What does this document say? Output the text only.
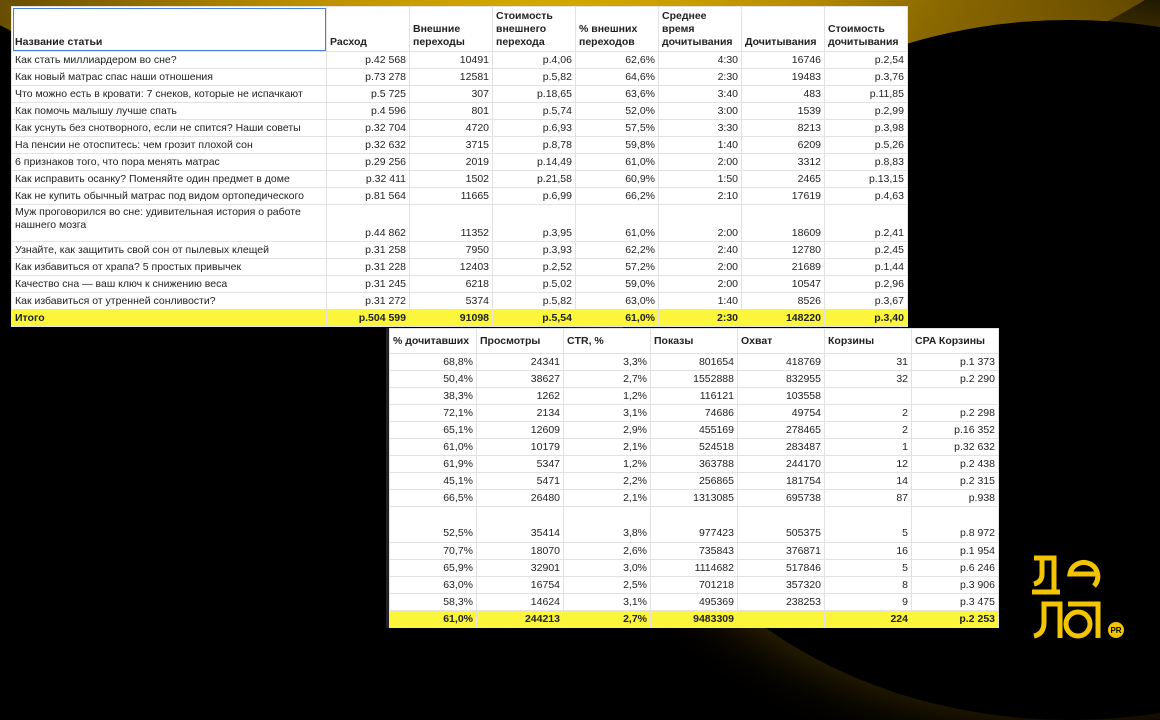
Название статьи	Расход	Внешние переходы	Стоимость внешнего перехода	% внешних переходов	Среднее время дочитывания	Дочитывания	Стоимость дочитывания
Как стать миллиардером во сне?	р.42 568	10491	р.4,06	62,6%	4:30	16746	р.2,54
Как новый матрас спас наши отношения	р.73 278	12581	р.5,82	64,6%	2:30	19483	р.3,76
Что можно есть в кровати: 7 снеков, которые не испачкают	р.5 725	307	р.18,65	63,6%	3:40	483	р.11,85
Как помочь малышу лучше спать	р.4 596	801	р.5,74	52,0%	3:00	1539	р.2,99
Как уснуть без снотворного, если не спится? Наши советы	р.32 704	4720	р.6,93	57,5%	3:30	8213	р.3,98
На пенсии не отоспитесь: чем грозит плохой сон	р.32 632	3715	р.8,78	59,8%	1:40	6209	р.5,26
6 признаков того, что пора менять матрас	р.29 256	2019	р.14,49	61,0%	2:00	3312	р.8,83
Как исправить осанку? Поменяйте один предмет в доме	р.32 411	1502	р.21,58	60,9%	1:50	2465	р.13,15
Как не купить обычный матрас под видом ортопедического	р.81 564	11665	р.6,99	66,2%	2:10	17619	р.4,63
Муж проговорился во сне: удивительная история о работе нашнего мозга	р.44 862	11352	р.3,95	61,0%	2:00	18609	р.2,41
Узнайте, как защитить свой сон от пылевых клещей	р.31 258	7950	р.3,93	62,2%	2:40	12780	р.2,45
Как избавиться от храпа? 5 простых привычек	р.31 228	12403	р.2,52	57,2%	2:00	21689	р.1,44
Качество сна — ваш ключ к снижению веса	р.31 245	6218	р.5,02	59,0%	2:00	10547	р.2,96
Как избавиться от утренней сонливости?	р.31 272	5374	р.5,82	63,0%	1:40	8526	р.3,67
Итого	р.504 599	91098	р.5,54	61,0%	2:30	148220	р.3,40
% дочитавших	Просмотры	CTR, %	Показы	Охват	Корзины	CPA Корзины
68,8%	24341	3,3%	801654	418769	31	р.1 373
50,4%	38627	2,7%	1552888	832955	32	р.2 290
38,3%	1262	1,2%	116121	103558		
72,1%	2134	3,1%	74686	49754	2	р.2 298
65,1%	12609	2,9%	455169	278465	2	р.16 352
61,0%	10179	2,1%	524518	283487	1	р.32 632
61,9%	5347	1,2%	363788	244170	12	р.2 438
45,1%	5471	2,2%	256865	181754	14	р.2 315
66,5%	26480	2,1%	1313085	695738	87	р.938
52,5%	35414	3,8%	977423	505375	5	р.8 972
70,7%	18070	2,6%	735843	376871	16	р.1 954
65,9%	32901	3,0%	1114682	517846	5	р.6 246
63,0%	16754	2,5%	701218	357320	8	р.3 906
58,3%	14624	3,1%	495369	238253	9	р.3 475
61,0%	244213	2,7%	9483309		224	р.2 253
PR
